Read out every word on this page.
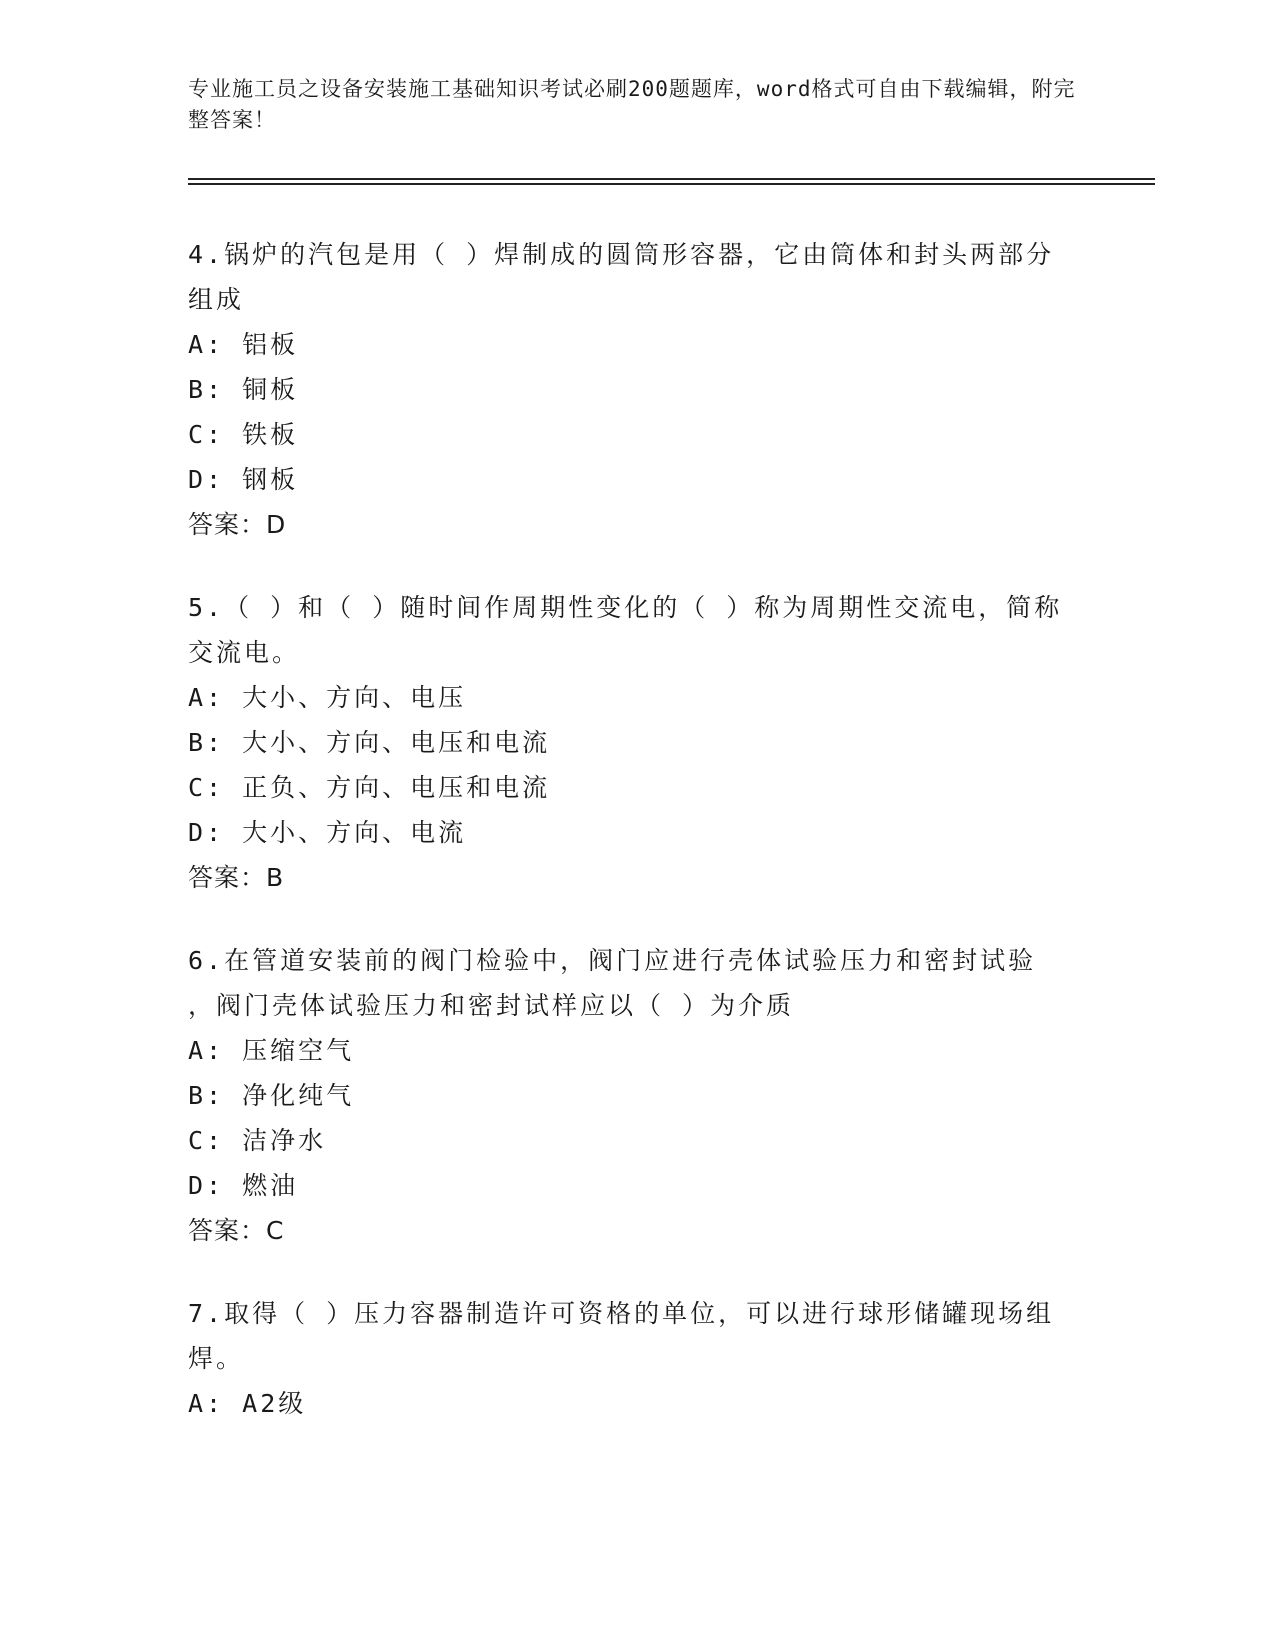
专业施工员之设备安装施工基础知识考试必刷200题题库，word格式可自由下载编辑，附完整答案！
4.锅炉的汽包是用（ ）焊制成的圆筒形容器，它由筒体和封头两部分
组成
A: 铝板
B: 铜板
C: 铁板
D: 钢板
答案：D
5.（ ）和（ ）随时间作周期性变化的（ ）称为周期性交流电，简称
交流电。
A: 大小、方向、电压
B: 大小、方向、电压和电流
C: 正负、方向、电压和电流
D: 大小、方向、电流
答案：B
6.在管道安装前的阀门检验中，阀门应进行壳体试验压力和密封试验
，阀门壳体试验压力和密封试样应以（ ）为介质
A: 压缩空气
B: 净化纯气
C: 洁净水
D: 燃油
答案：C
7.取得（ ）压力容器制造许可资格的单位，可以进行球形储罐现场组
焊。
A: A2级
